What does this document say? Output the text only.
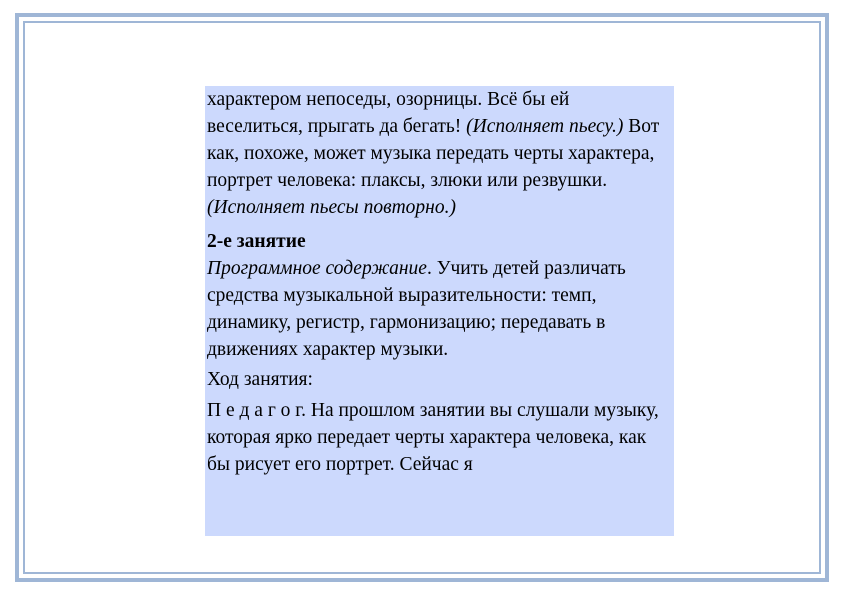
характером непоседы, озорницы. Всё бы ей веселиться, прыгать да бегать! (Исполняет пьесу.) Вот как, похоже, может музыка передать черты характера, портрет человека: плаксы, злюки или резвушки. (Исполняет пьесы повторно.)

2-е занятие
Программное содержание. Учить детей различать средства музыкальной выразительности: темп, динамику, регистр, гармонизацию; передавать в движениях характер музыки.

Ход занятия:

П е д а г о г. На прошлом занятии вы слушали музыку, которая ярко передает черты характера человека, как бы рисует его портрет. Сейчас я
